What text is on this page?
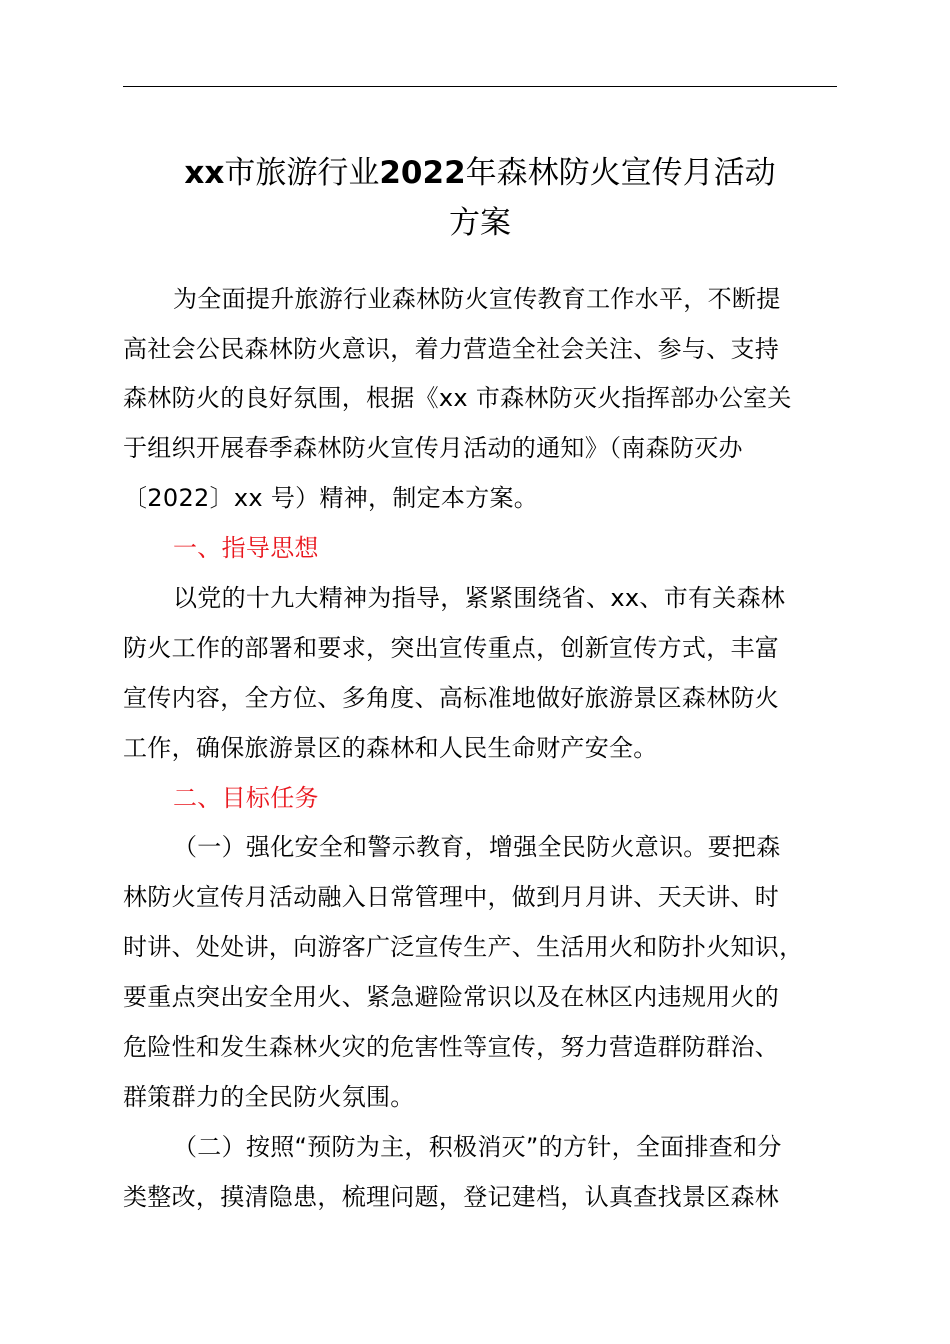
xx市旅游行业2022年森林防火宣传月活动
方案
为全面提升旅游行业森林防火宣传教育工作水平，不断提
高社会公民森林防火意识，着力营造全社会关注、参与、支持
森林防火的良好氛围，根据《xx 市森林防灭火指挥部办公室关
于组织开展春季森林防火宣传月活动的通知》（南森防灭办
〔2022〕xx 号）精神，制定本方案。
一、指导思想
以党的十九大精神为指导，紧紧围绕省、xx、市有关森林
防火工作的部署和要求，突出宣传重点，创新宣传方式，丰富
宣传内容，全方位、多角度、高标准地做好旅游景区森林防火
工作，确保旅游景区的森林和人民生命财产安全。
二、目标任务
（一）强化安全和警示教育，增强全民防火意识。要把森
林防火宣传月活动融入日常管理中，做到月月讲、天天讲、时
时讲、处处讲，向游客广泛宣传生产、生活用火和防扑火知识，
要重点突出安全用火、紧急避险常识以及在林区内违规用火的
危险性和发生森林火灾的危害性等宣传，努力营造群防群治、
群策群力的全民防火氛围。
（二）按照“预防为主，积极消灭”的方针，全面排查和分
类整改，摸清隐患，梳理问题，登记建档，认真查找景区森林
